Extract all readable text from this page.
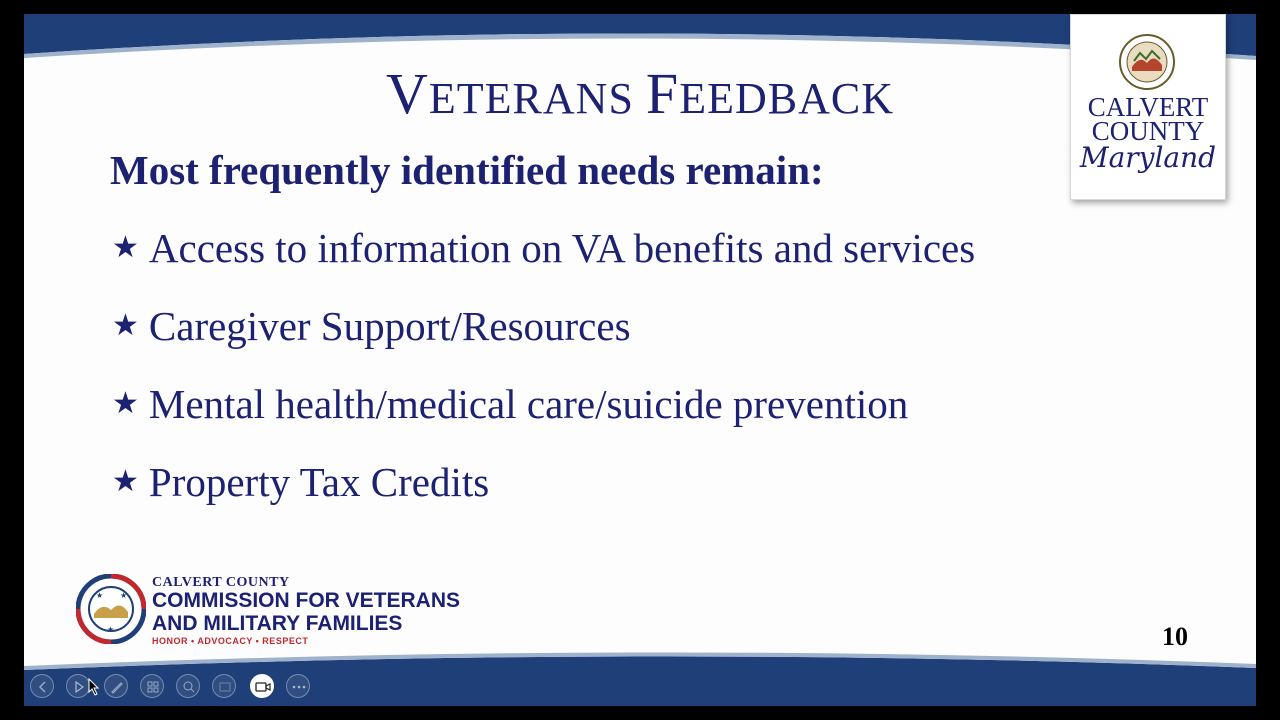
VETERANS FEEDBACK
Most frequently identified needs remain:
★ Access to information on VA benefits and services
★ Caregiver Support/Resources
★ Mental health/medical care/suicide prevention
★ Property Tax Credits
CALVERT
COUNTY
Maryland
★ ★
★
CALVERT COUNTY
COMMISSION FOR VETERANS
AND MILITARY FAMILIES
HONOR • ADVOCACY • RESPECT	10
